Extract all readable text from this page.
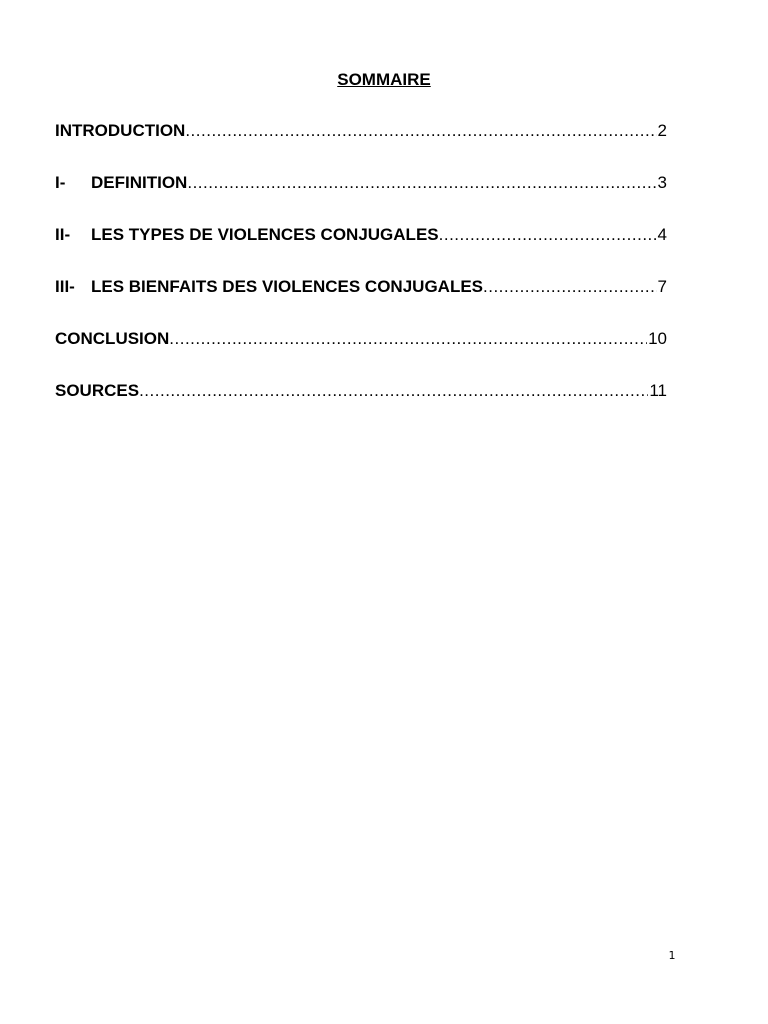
SOMMAIRE
INTRODUCTION .....	2
I-	DEFINITION .....	3
II-	LES TYPES DE VIOLENCES CONJUGALES .....	4
III- LES BIENFAITS DES VIOLENCES CONJUGALES .....	7
CONCLUSION .....	10
SOURCES .....	11
1
